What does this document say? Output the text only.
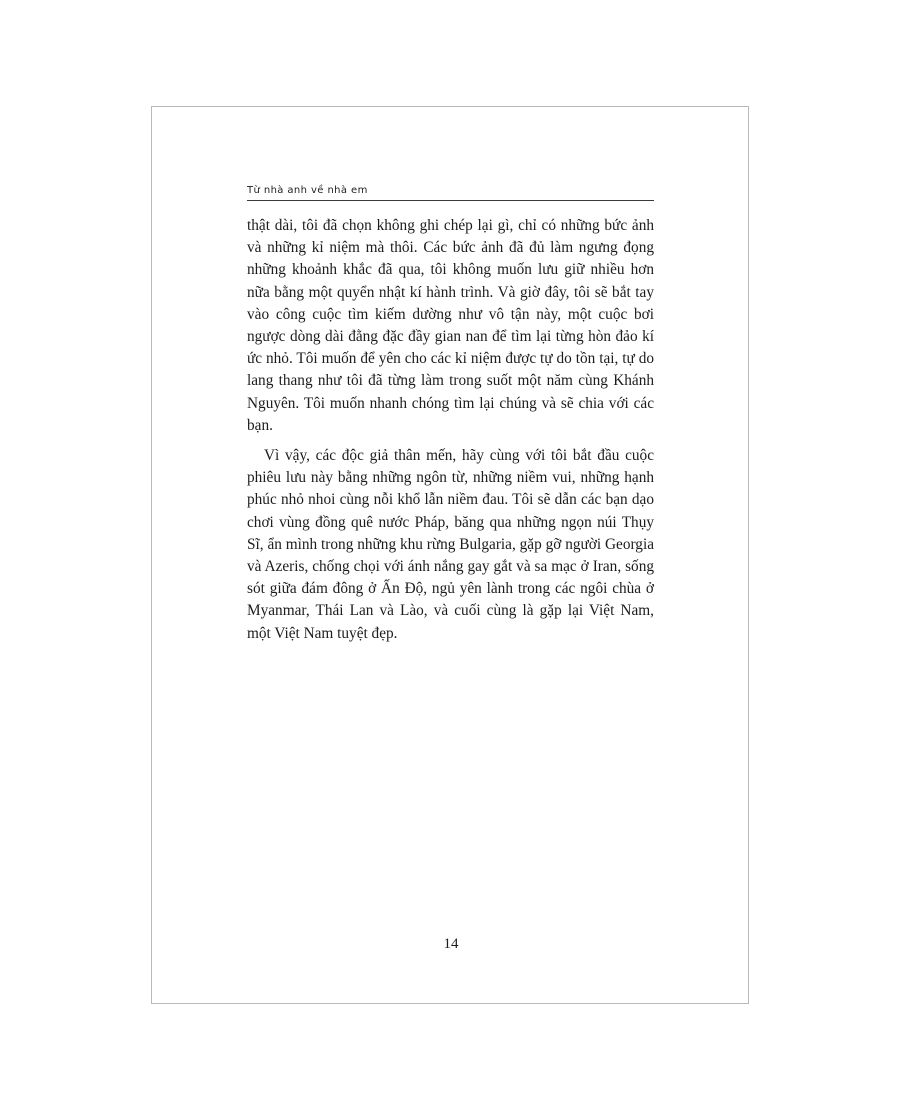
Từ nhà anh về nhà em

thật dài, tôi đã chọn không ghi chép lại gì, chỉ có những bức ảnh và những kỉ niệm mà thôi. Các bức ảnh đã đủ làm ngưng đọng những khoảnh khắc đã qua, tôi không muốn lưu giữ nhiều hơn nữa bằng một quyển nhật kí hành trình. Và giờ đây, tôi sẽ bắt tay vào công cuộc tìm kiếm dường như vô tận này, một cuộc bơi ngược dòng dài đằng đặc đầy gian nan để tìm lại từng hòn đảo kí ức nhỏ. Tôi muốn để yên cho các kỉ niệm được tự do tồn tại, tự do lang thang như tôi đã từng làm trong suốt một năm cùng Khánh Nguyên. Tôi muốn nhanh chóng tìm lại chúng và sẽ chia với các bạn.

Vì vậy, các độc giả thân mến, hãy cùng với tôi bắt đầu cuộc phiêu lưu này bằng những ngôn từ, những niềm vui, những hạnh phúc nhỏ nhoi cùng nỗi khổ lẫn niềm đau. Tôi sẽ dẫn các bạn dạo chơi vùng đồng quê nước Pháp, băng qua những ngọn núi Thụy Sĩ, ẩn mình trong những khu rừng Bulgaria, gặp gỡ người Georgia và Azeris, chống chọi với ánh nắng gay gắt và sa mạc ở Iran, sống sót giữa đám đông ở Ấn Độ, ngủ yên lành trong các ngôi chùa ở Myanmar, Thái Lan và Lào, và cuối cùng là gặp lại Việt Nam, một Việt Nam tuyệt đẹp.

14
